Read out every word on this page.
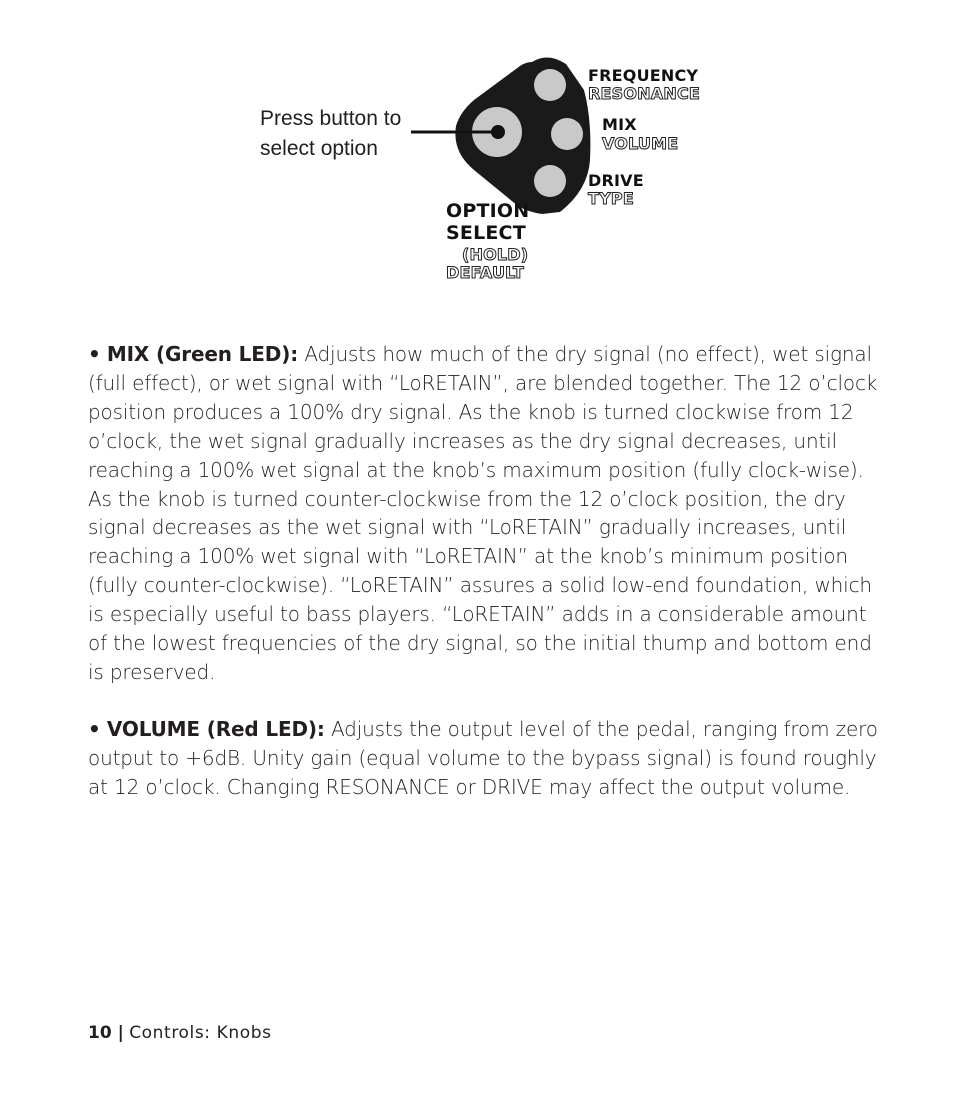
Press button to select option
FREQUENCY
RESONANCE
MIX
VOLUME
DRIVE
TYPE
OPTION
SELECT
(HOLD)
DEFAULT

• MIX (Green LED): Adjusts how much of the dry signal (no effect), wet signal (full effect), or wet signal with “LoRETAIN”, are blended together. The 12 o’clock position produces a 100% dry signal. As the knob is turned clockwise from 12 o’clock, the wet signal gradually increases as the dry signal decreases, until reaching a 100% wet signal at the knob’s maximum position (fully clock-wise). As the knob is turned counter-clockwise from the 12 o’clock position, the dry signal decreases as the wet signal with “LoRETAIN” gradually increases, until reaching a 100% wet signal with “LoRETAIN” at the knob’s minimum position (fully counter-clockwise). “LoRETAIN” assures a solid low-end foundation, which is especially useful to bass players. “LoRETAIN” adds in a considerable amount of the lowest frequencies of the dry signal, so the initial thump and bottom end is preserved.

• VOLUME (Red LED): Adjusts the output level of the pedal, ranging from zero output to +6dB. Unity gain (equal volume to the bypass signal) is found roughly at 12 o’clock. Changing RESONANCE or DRIVE may affect the output volume.

10 | Controls: Knobs
